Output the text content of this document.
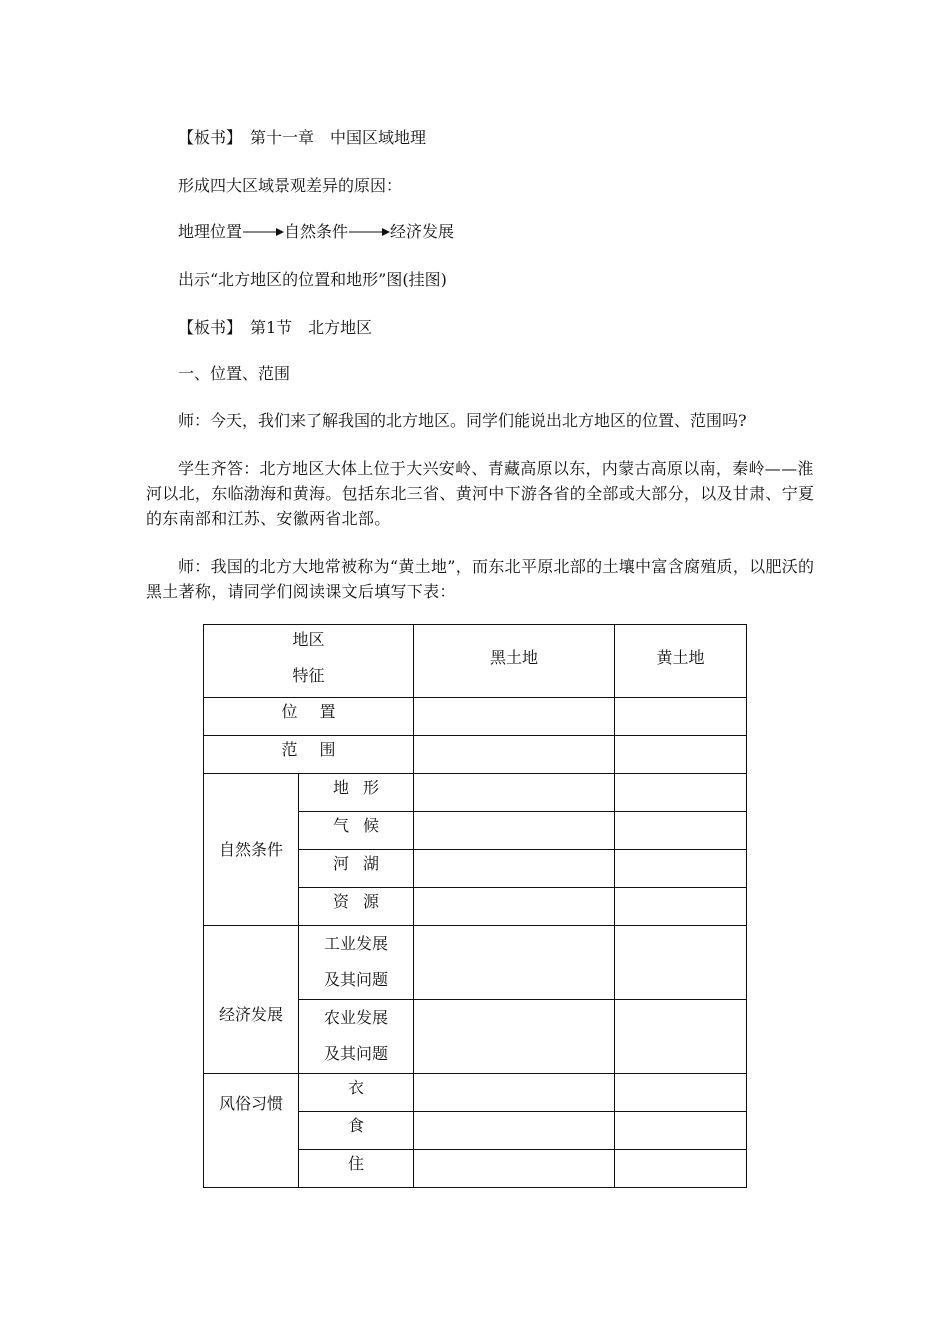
【板书】　第十一章　中国区域地理
形成四大区域景观差异的原因：
地理位置	自然条件	经济发展
出示“北方地区的位置和地形”图(挂图)
【板书】　第1节　北方地区
一、位置、范围
师：今天，我们来了解我国的北方地区。同学们能说出北方地区的位置、范围吗?
学生齐答：北方地区大体上位于大兴安岭、青藏高原以东，内蒙古高原以南，秦岭——淮河以北，东临渤海和黄海。包括东北三省、黄河中下游各省的全部或大部分，以及甘肃、宁夏的东南部和江苏、安徽两省北部。
师：我国的北方大地常被称为“黄土地”，而东北平原北部的土壤中富含腐殖质，以肥沃的黑土著称，请同学们阅读课文后填写下表：
地区
特征		黑土地	黄土地
位置			
范围			
自然条件	地形		
	气候		
	河湖		
	资源		
经济发展	工业发展
及其问题		

	农业发展
及其问题		

风俗习惯	衣		
	食		
	住		
